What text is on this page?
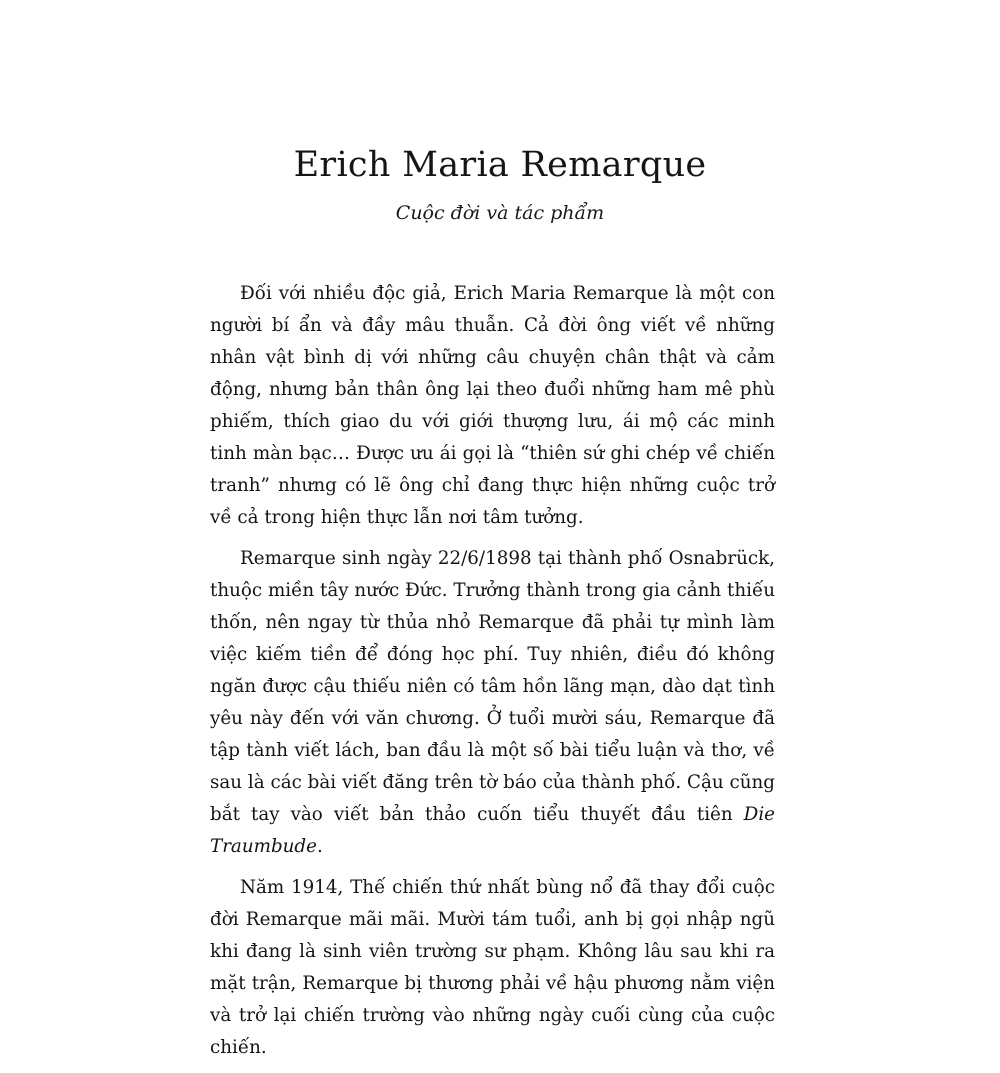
Erich Maria Remarque
Cuộc đời và tác phẩm

Đối với nhiều độc giả, Erich Maria Remarque là một con người bí ẩn và đầy mâu thuẫn. Cả đời ông viết về những nhân vật bình dị với những câu chuyện chân thật và cảm động, nhưng bản thân ông lại theo đuổi những ham mê phù phiếm, thích giao du với giới thượng lưu, ái mộ các minh tinh màn bạc… Được ưu ái gọi là “thiên sứ ghi chép về chiến tranh” nhưng có lẽ ông chỉ đang thực hiện những cuộc trở về cả trong hiện thực lẫn nơi tâm tưởng.

Remarque sinh ngày 22/6/1898 tại thành phố Osnabrück, thuộc miền tây nước Đức. Trưởng thành trong gia cảnh thiếu thốn, nên ngay từ thủa nhỏ Remarque đã phải tự mình làm việc kiếm tiền để đóng học phí. Tuy nhiên, điều đó không ngăn được cậu thiếu niên có tâm hồn lãng mạn, dào dạt tình yêu này đến với văn chương. Ở tuổi mười sáu, Remarque đã tập tành viết lách, ban đầu là một số bài tiểu luận và thơ, về sau là các bài viết đăng trên tờ báo của thành phố. Cậu cũng bắt tay vào viết bản thảo cuốn tiểu thuyết đầu tiên Die Traumbude.

Năm 1914, Thế chiến thứ nhất bùng nổ đã thay đổi cuộc đời Remarque mãi mãi. Mười tám tuổi, anh bị gọi nhập ngũ khi đang là sinh viên trường sư phạm. Không lâu sau khi ra mặt trận, Remarque bị thương phải về hậu phương nằm viện và trở lại chiến trường vào những ngày cuối cùng của cuộc chiến.
